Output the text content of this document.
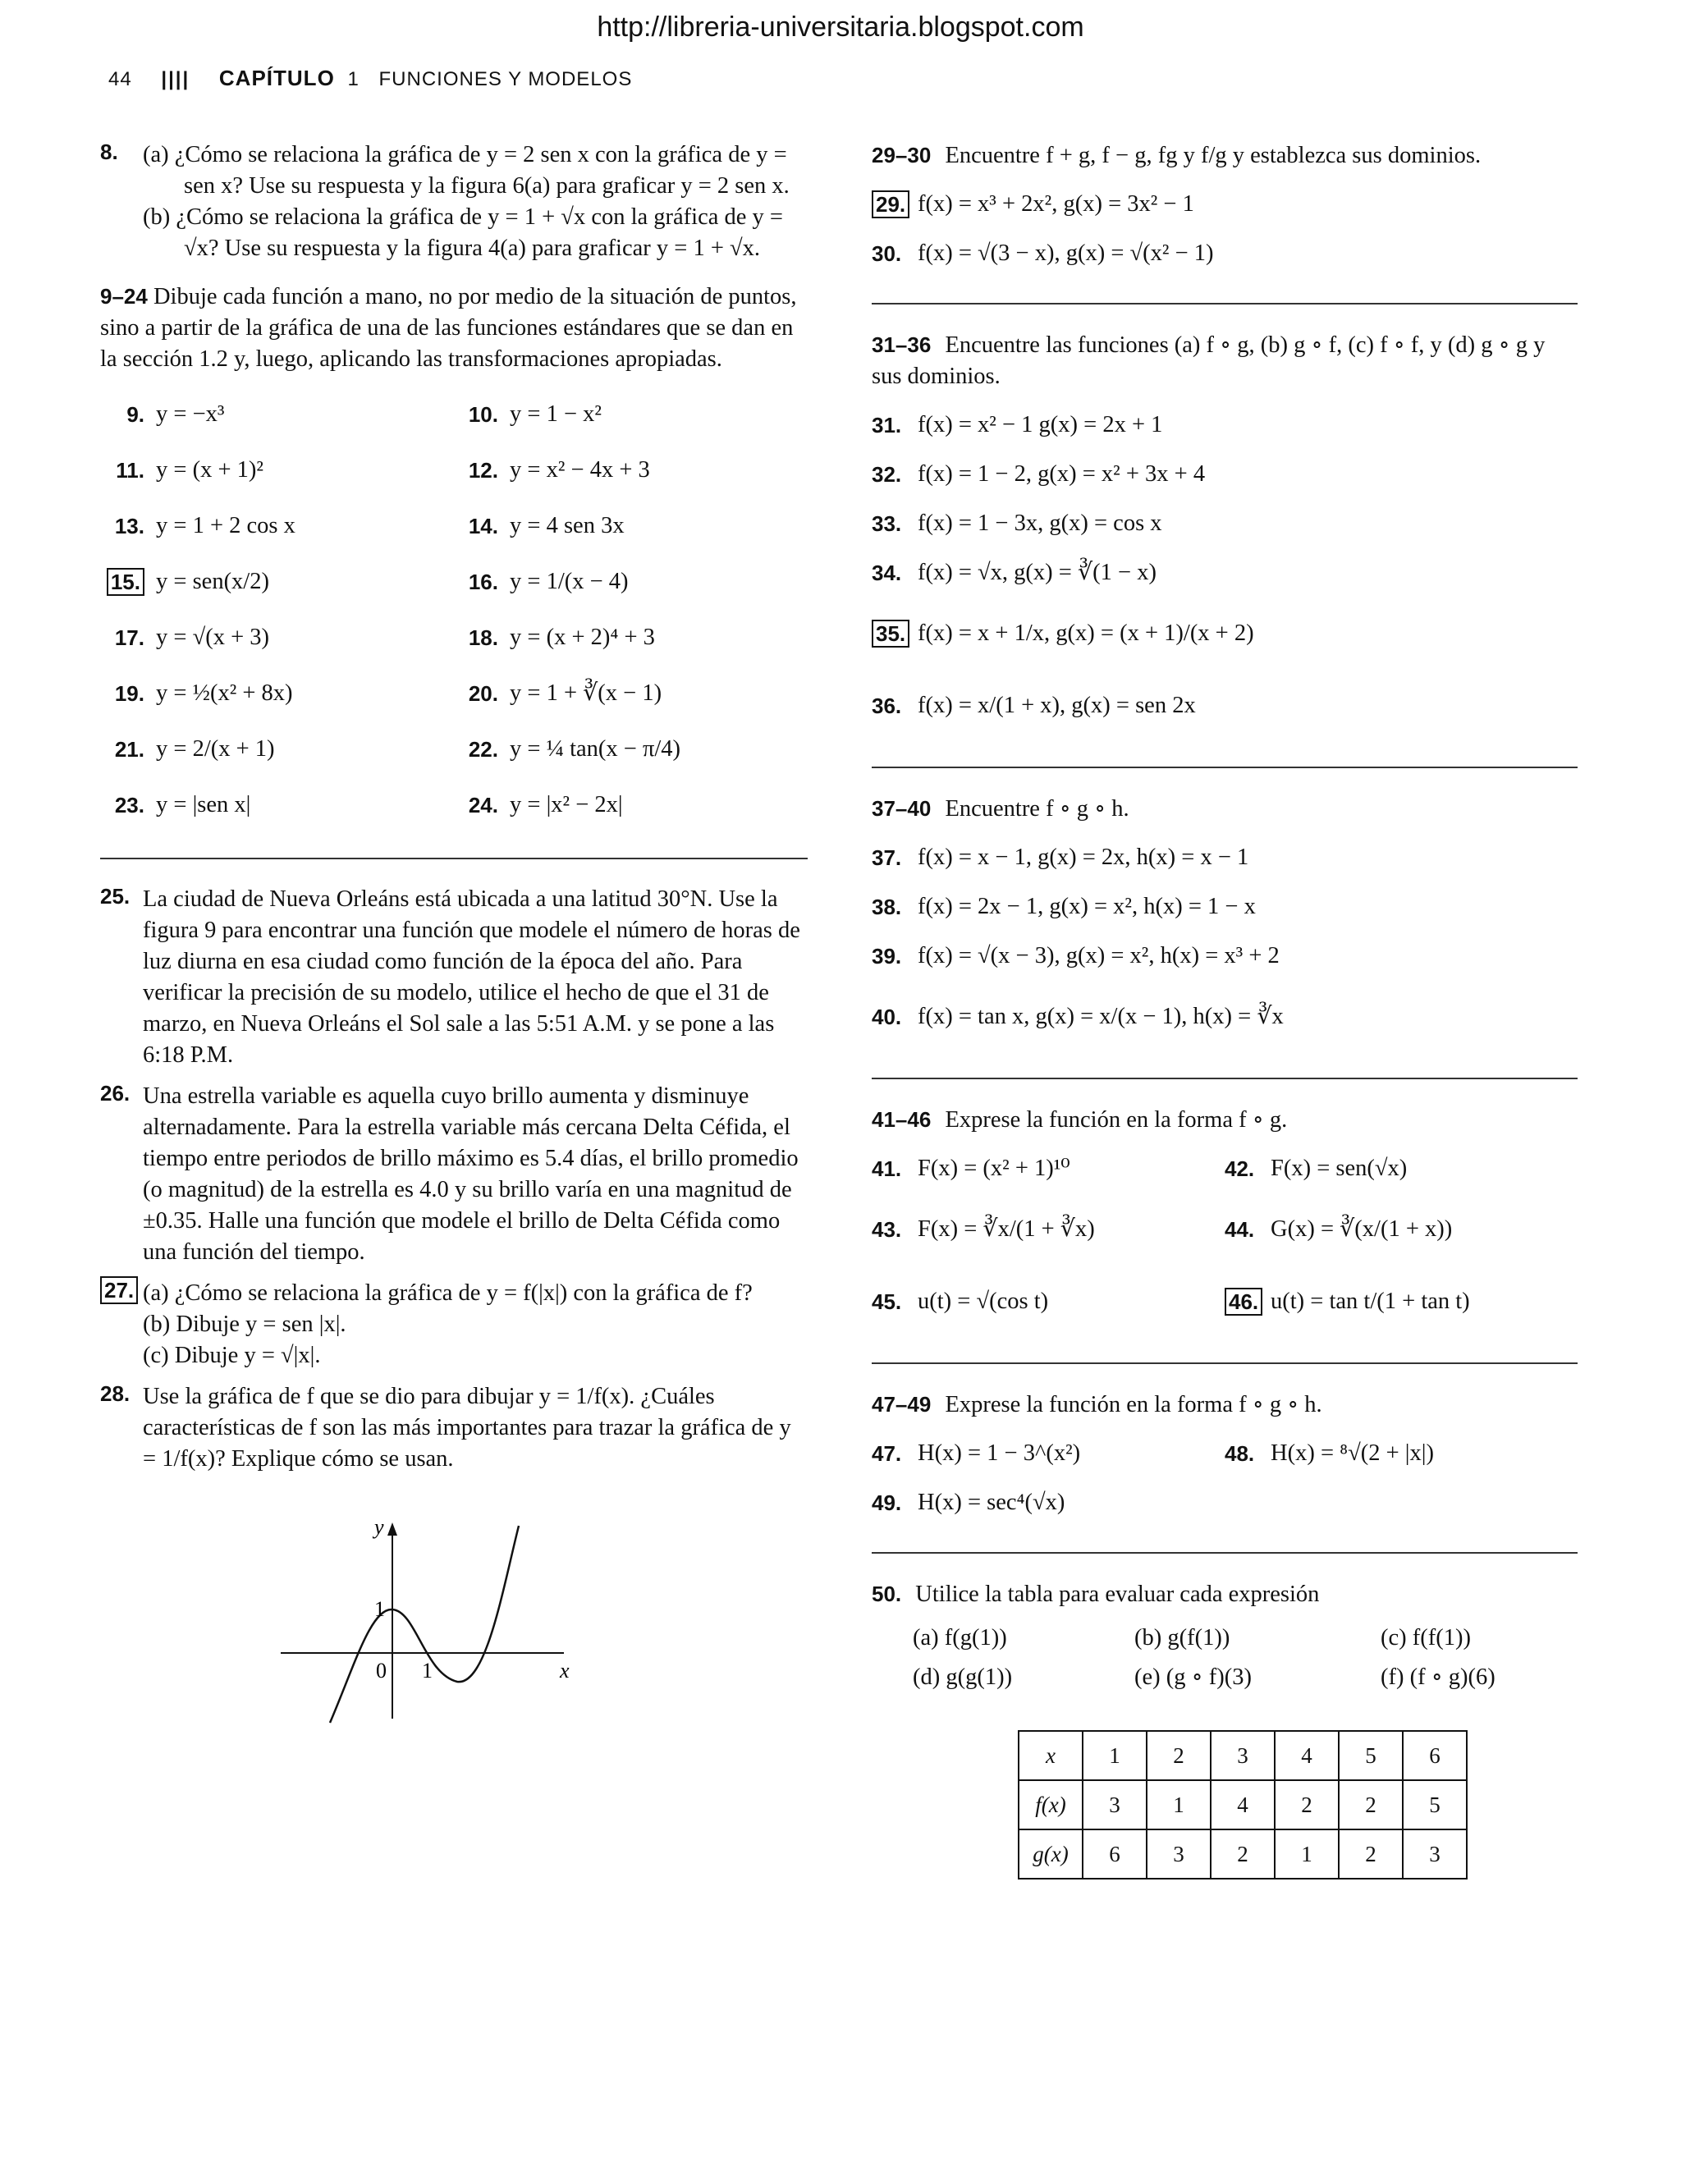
http://libreria-universitaria.blogspot.com
44 |||| CAPÍTULO 1 FUNCIONES Y MODELOS
8. (a) ¿Cómo se relaciona la gráfica de y = 2 sen x con la gráfica de y = sen x? Use su respuesta y la figura 6(a) para graficar y = 2 sen x.

(b) ¿Cómo se relaciona la gráfica de y = 1 + √x con la gráfica de y = √x? Use su respuesta y la figura 4(a) para graficar y = 1 + √x.

9–24 Dibuje cada función a mano, no por medio de la situación de puntos, sino a partir de la gráfica de una de las funciones estándares que se dan en la sección 1.2 y, luego, aplicando las transformaciones apropiadas.

9. y = −x³	10. y = 1 − x²
11. y = (x + 1)²	12. y = x² − 4x + 3
13. y = 1 + 2 cos x	14. y = 4 sen 3x
15. y = sen(x/2)	16. y = 1/(x − 4)
17. y = √(x + 3)	18. y = (x + 2)⁴ + 3
19. y = ½(x² + 8x)	20. y = 1 + ∛(x − 1)
21. y = 2/(x + 1)	22. y = ¼ tan(x − π/4)
23. y = |sen x|	24. y = |x² − 2x|
25. La ciudad de Nueva Orleáns está ubicada a una latitud 30°N. Use la figura 9 para encontrar una función que modele el número de horas de luz diurna en esa ciudad como función de la época del año. Para verificar la precisión de su modelo, utilice el hecho de que el 31 de marzo, en Nueva Orleáns el Sol sale a las 5:51 A.M. y se pone a las 6:18 P.M.

26. Una estrella variable es aquella cuyo brillo aumenta y disminuye alternadamente. Para la estrella variable más cercana Delta Céfida, el tiempo entre periodos de brillo máximo es 5.4 días, el brillo promedio (o magnitud) de la estrella es 4.0 y su brillo varía en una magnitud de ±0.35. Halle una función que modele el brillo de Delta Céfida como una función del tiempo.

27. (a) ¿Cómo se relaciona la gráfica de y = f(|x|) con la gráfica de f?

(b) Dibuje y = sen |x|.

(c) Dibuje y = √|x|.

28. Use la gráfica de f que se dio para dibujar y = 1/f(x). ¿Cuáles características de f son las más importantes para trazar la gráfica de y = 1/f(x)? Explique cómo se usan.

y
x
1
0 1
29–30 Encuentre f + g, f − g, fg y f/g y establezca sus dominios.
29. f(x) = x³ + 2x², g(x) = 3x² − 1
30. f(x) = √(3 − x), g(x) = √(x² − 1)
31–36 Encuentre las funciones (a) f ∘ g, (b) g ∘ f, (c) f ∘ f, y (d) g ∘ g y sus dominios.
31. f(x) = x² − 1 g(x) = 2x + 1
32. f(x) = 1 − 2, g(x) = x² + 3x + 4
33. f(x) = 1 − 3x, g(x) = cos x
34. f(x) = √x, g(x) = ∛(1 − x)
35. f(x) = x + 1/x, g(x) = (x + 1)/(x + 2)
36. f(x) = x/(1 + x), g(x) = sen 2x
37–40 Encuentre f ∘ g ∘ h.
37. f(x) = x − 1, g(x) = 2x, h(x) = x − 1
38. f(x) = 2x − 1, g(x) = x², h(x) = 1 − x
39. f(x) = √(x − 3), g(x) = x², h(x) = x³ + 2
40. f(x) = tan x, g(x) = x/(x − 1), h(x) = ∛x
41–46 Exprese la función en la forma f ∘ g.
41. F(x) = (x² + 1)¹⁰	42. F(x) = sen(√x)
43. F(x) = ∛x/(1 + ∛x)	44. G(x) = ∛(x/(1 + x))
45. u(t) = √(cos t)	46. u(t) = tan t/(1 + tan t)
47–49 Exprese la función en la forma f ∘ g ∘ h.
47. H(x) = 1 − 3^(x²)	48. H(x) = ⁸√(2 + |x|)
49. H(x) = sec⁴(√x)
50. Utilice la tabla para evaluar cada expresión
(a) f(g(1))	(b) g(f(1))	(c) f(f(1))
(d) g(g(1))	(e) (g ∘ f)(3)	(f) (f ∘ g)(6)
x	1	2	3	4	5	6
f(x)	3	1	4	2	2	5
g(x)	6	3	2	1	2	3
